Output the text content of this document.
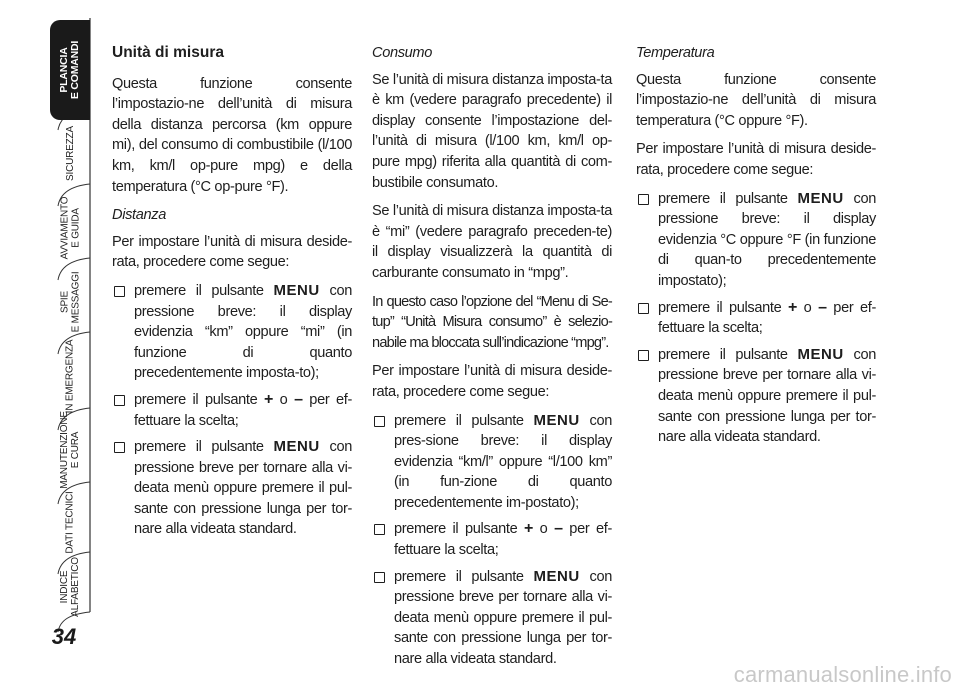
PLANCIA
E COMANDI
SICUREZZA
AVVIAMENTO
E GUIDA
SPIE
E MESSAGGI
IN EMERGENZA
MANUTENZIONE
E CURA
DATI TECNICI
INDICE
ALFABETICO
34
Unità di misura

Questa funzione consente l’impostazio-ne dell’unità di misura della distanza percorsa (km oppure mi), del consumo di combustibile (l/100 km, km/l op-pure mpg) e della temperatura (°C op-pure °F).

Distanza

Per impostare l’unità di misura deside-rata, procedere come segue:

premere il pulsante MENU con pressione breve: il display evidenzia “km” oppure “mi” (in funzione di quanto precedentemente imposta-to);
premere il pulsante + o – per ef-fettuare la scelta;
premere il pulsante MENU con pressione breve per tornare alla vi-deata menù oppure premere il pul-sante con pressione lunga per tor-nare alla videata standard.
Consumo

Se l’unità di misura distanza imposta-ta è km (vedere paragrafo precedente) il display consente l’impostazione del-l’unità di misura (l/100 km, km/l op-pure mpg) riferita alla quantità di com-bustibile consumato.

Se l’unità di misura distanza imposta-ta è “mi” (vedere paragrafo preceden-te) il display visualizzerà la quantità di carburante consumato in “mpg”.

In questo caso l’opzione del “Menu di Se-tup” “Unità Misura consumo” è selezio-nabile ma bloccata sull’indicazione “mpg”.

Per impostare l’unità di misura deside-rata, procedere come segue:

premere il pulsante MENU con pres-sione breve: il display evidenzia “km/l” oppure “l/100 km” (in fun-zione di quanto precedentemente im-postato);
premere il pulsante + o – per ef-fettuare la scelta;
premere il pulsante MENU con pressione breve per tornare alla vi-deata menù oppure premere il pul-sante con pressione lunga per tor-nare alla videata standard.
Temperatura

Questa funzione consente l’impostazio-ne dell’unità di misura temperatura (°C oppure °F).

Per impostare l’unità di misura deside-rata, procedere come segue:

premere il pulsante MENU con pressione breve: il display evidenzia °C oppure °F (in funzione di quan-to precedentemente impostato);
premere il pulsante + o – per ef-fettuare la scelta;
premere il pulsante MENU con pressione breve per tornare alla vi-deata menù oppure premere il pul-sante con pressione lunga per tor-nare alla videata standard.
carmanualsonline.info
